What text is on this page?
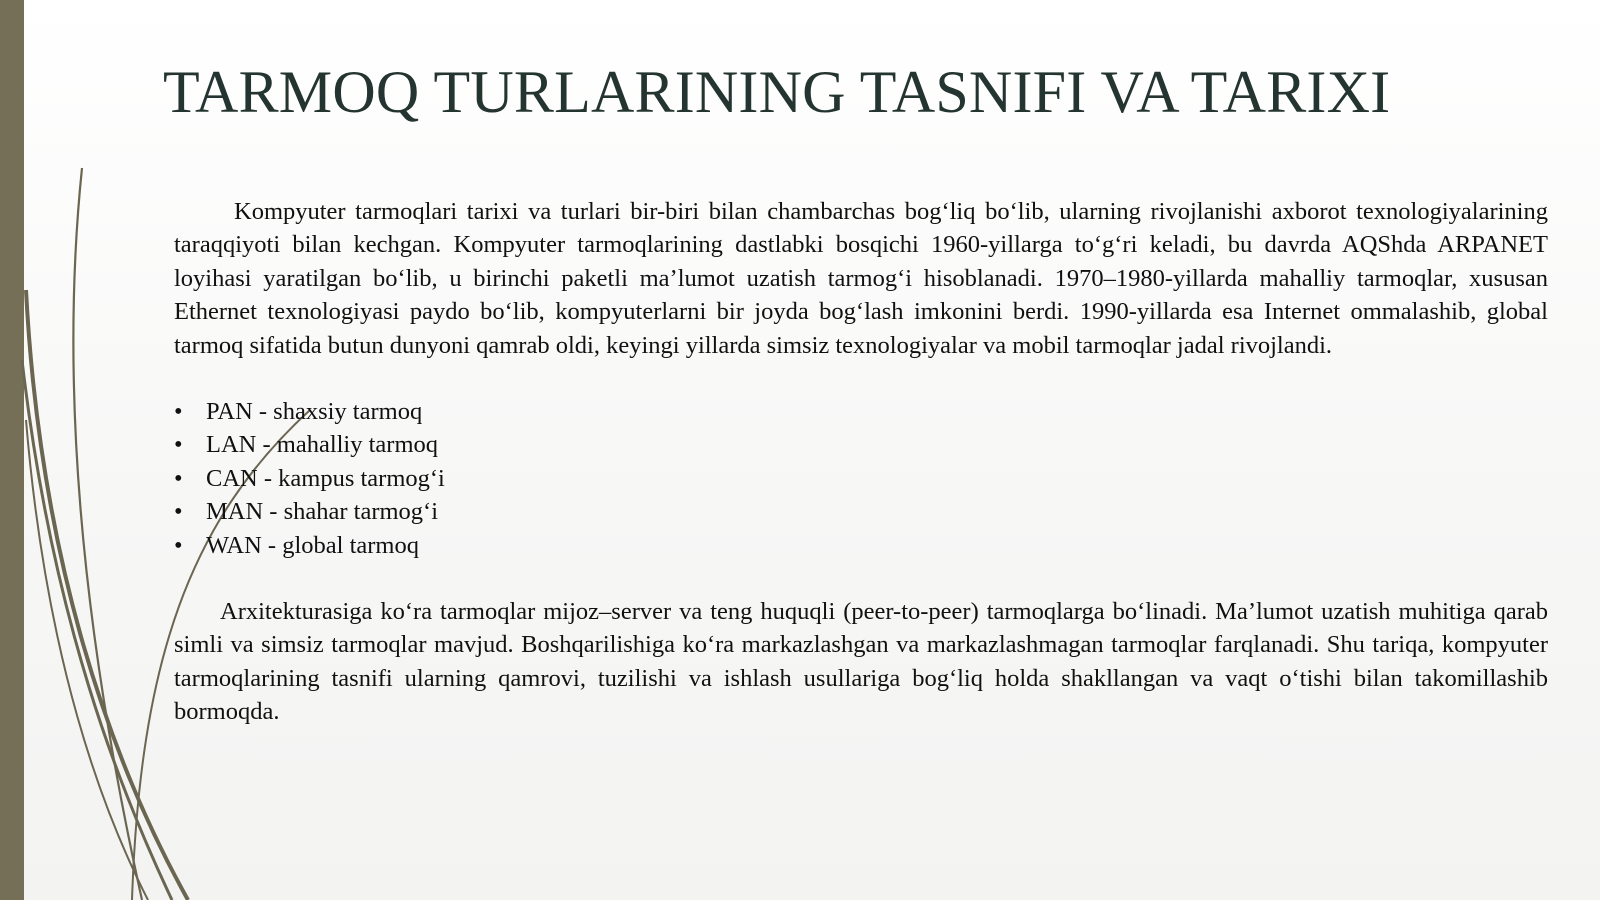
TARMOQ TURLARINING TASNIFI VA TARIXI

Kompyuter tarmoqlari tarixi va turlari bir-biri bilan chambarchas bog‘liq bo‘lib, ularning rivojlanishi axborot texnologiyalarining taraqqiyoti bilan kechgan. Kompyuter tarmoqlarining dastlabki bosqichi 1960-yillarga to‘g‘ri keladi, bu davrda AQShda ARPANET loyihasi yaratilgan bo‘lib, u birinchi paketli ma’lumot uzatish tarmog‘i hisoblanadi. 1970–1980-yillarda mahalliy tarmoqlar, xususan Ethernet texnologiyasi paydo bo‘lib, kompyuterlarni bir joyda bog‘lash imkonini berdi. 1990-yillarda esa Internet ommalashib, global tarmoq sifatida butun dunyoni qamrab oldi, keyingi yillarda simsiz texnologiyalar va mobil tarmoqlar jadal rivojlandi.

• PAN - shaxsiy tarmoq
• LAN - mahalliy tarmoq
• CAN - kampus tarmog‘i
• MAN - shahar tarmog‘i
• WAN - global tarmoq

Arxitekturasiga ko‘ra tarmoqlar mijoz–server va teng huquqli (peer-to-peer) tarmoqlarga bo‘linadi. Ma’lumot uzatish muhitiga qarab simli va simsiz tarmoqlar mavjud. Boshqarilishiga ko‘ra markazlashgan va markazlashmagan tarmoqlar farqlanadi. Shu tariqa, kompyuter tarmoqlarining tasnifi ularning qamrovi, tuzilishi va ishlash usullariga bog‘liq holda shakllangan va vaqt o‘tishi bilan takomillashib bormoqda.
